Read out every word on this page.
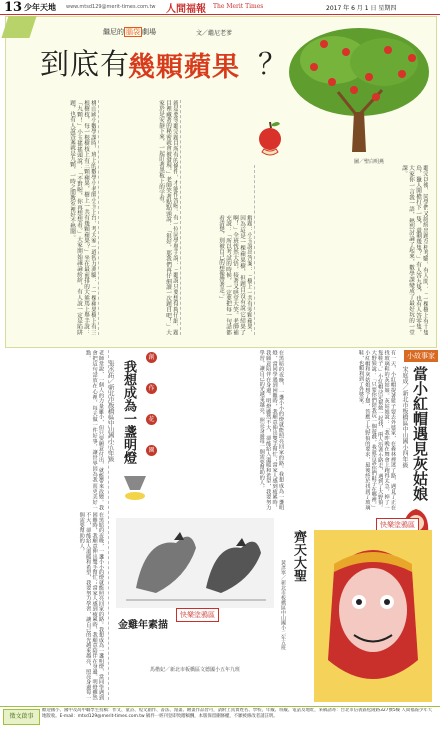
13 少年天地 www.mtsd129@merit-times.com.tw 人間福報 The Merit Times	2017 年 6 月 1 日 星期四
繼尼的 腦袋 劇場	文／繼尼老爹
到底有
幾顆蘋果 ？
圖／聖白明燕
聽完以後，同學們又紛紛出題互相考驗，有人問：「一棵樹上有十隻鳥，獵人開槍打下一隻，還剩幾隻？」有人答九隻，也有人答零隻，大家你一言我一語，熱烈討論了起來，數學課變成了最好玩的一堂課。
解題：小玉說出答案：「樹上一共有零顆蘋果，因為這是一棵蘋果樹，但題目沒有說它結果了啊！」全班恍然大悟，接著又哄堂大笑。老師補充說：「所以考試的時候，一定要把每一句話都看清楚，別被自己的想像帶著走。」
就是要等聽完題目所有的條件，才能作答喔。有一位同學舉手說：「聽說只要想得夠仔細，題目裡藏著的秘密就會被發現。」老師笑著點點頭說：「很好，那我們再仔細讀一次題目吧！」大家於是安靜下來，一起盯著黑板上的字看。
桃山國小數學課時，班上的數學小老師小玉上台，考大家一道智力測驗：「一棵蘋果樹上有三根樹枝，每一根樹枝上有三顆蘋果，樹上一共有幾顆蘋果？」坐在最前排的大熊馬上舉手說：「九顆！」小玉搖搖頭說：「不對喔，你再想想看。」大家開始議論紛紛，有人說一定是陷阱題，也有人說答案就是九顆，一時之間教室裡好不熱鬧。
小故事家
當小紅帽遇見灰姑娘
宋庭成／新北市板橋區中山國小四年級
有一天，小紅帽提著籃子要去外婆家，在森林裡迷了路，遇見了正在找玻璃鞋的灰姑娘。灰姑娘說：「我昨晚在舞會上跑得太急，掉了一隻鞋子。」小紅帽決定幫她一起找，兩人沿著小路走，遇到了大野狼。大野狼說：「只要你們陪我玩一個遊戲，我就告訴你們鞋子在哪裡。」小紅帽和灰姑娘想了想，答應了大野狼的要求，最後終於找到了玻璃鞋，也順利到了外婆家。
創
作
花
園
我想成為一盞明燈
張丞佑／新北市板橋區中山國小五年級	在黑暗的夜晚，一盞小小的燈就能照亮回家的路。我想成為一盞明燈，當同學遇到困難時，我願意伸出雙手幫忙；當家人感到疲累時，我願意陪伴在身邊。明燈雖然不大，卻能給人溫暖和希望，我要努力學習，讓自己的光越來越亮，照亮身邊每一個需要幫助的人。
老師常說，一個人的力量雖小，但只要願意付出，就能帶來改變。我會把這句話放在心裡，每天做一件好事，讓世界因為我而更美好一點。
在黑暗的夜晚，一盞小小的燈就能照亮回家的路。我想成為一盞明燈，當同學遇到困難時，我願意伸出雙手幫忙；當家人感到疲累時，我願意陪伴在身邊。明燈雖然不大，卻能給人溫暖和希望，我要努力學習，讓自己的光越來越亮，照亮身邊每一個需要幫助的人。
快樂塗鴉區
金雞年素描
馬楷妃／新北市板橋區文德國小五年九班
快樂塗鴉區
齊天大聖
黃彥寧／新北市板橋區中山國小二年五班
徵文啟事
歡迎國小、國中及高中職學生投稿：作文、童詩、短文創作、書法、漫畫、繪畫作品皆可，請附上真實姓名、學校、年級、班級、電話及地址，來稿請寄：台北市信義區松隆路327號5樓 人間福報少年天地版收。E-mail：mtsd129@merit-times.com.tw 稿件一經刊登即致贈稿酬，本版保留刪修權，不願被修改者請註明。
